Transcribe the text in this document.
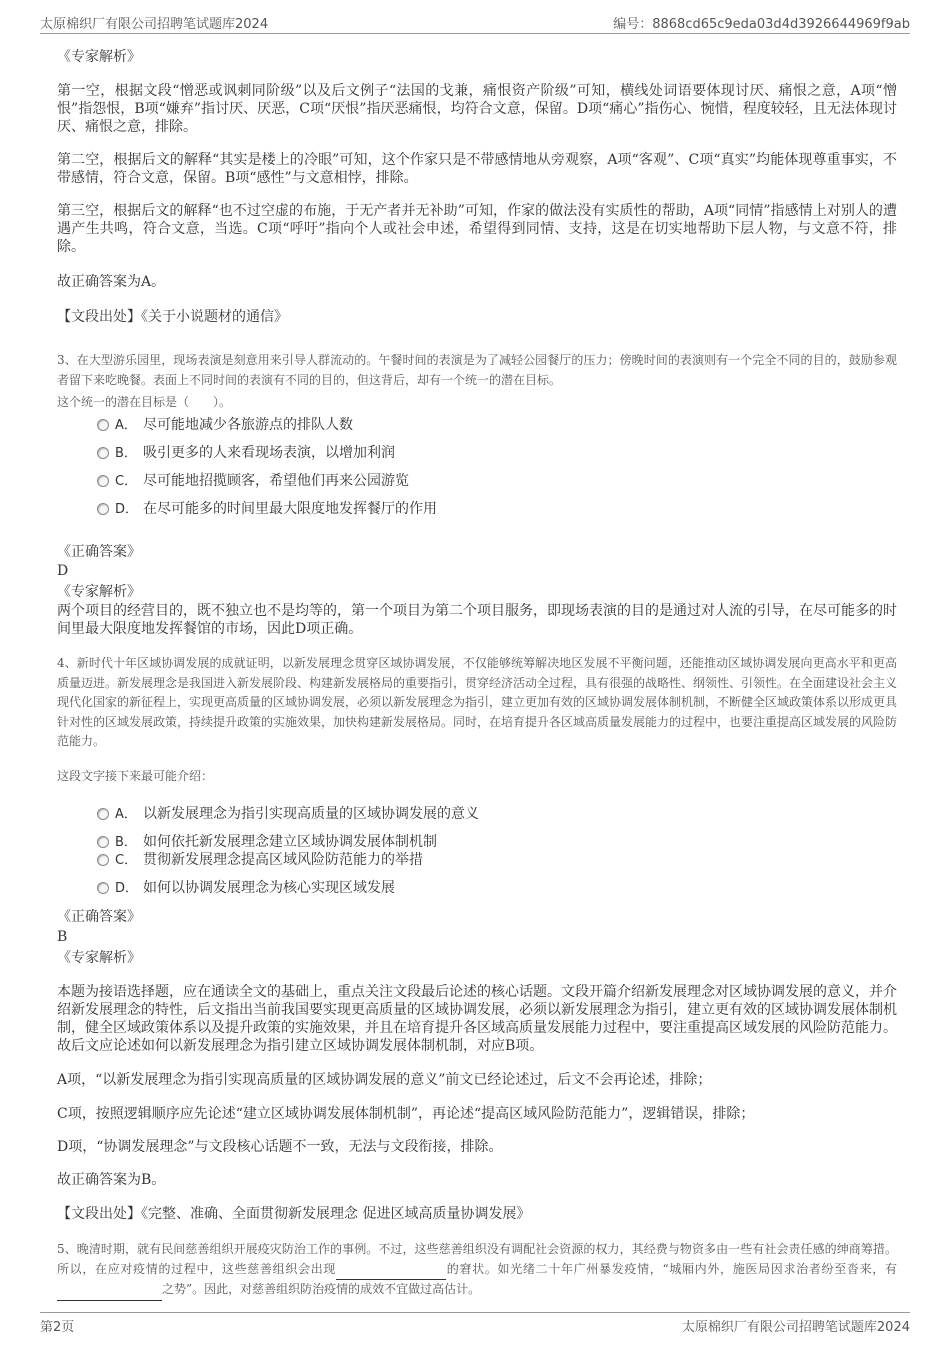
太原棉织厂有限公司招聘笔试题库2024	编号：8868cd65c9eda03d4d3926644969f9ab
《专家解析》
第一空，根据文段“憎恶或讽刺同阶级”以及后文例子“法国的戈兼，痛恨资产阶级”可知，横线处词语要体现讨厌、痛恨之意，A项“憎恨”指怨恨，B项“嫌弃”指讨厌、厌恶，C项“厌恨”指厌恶痛恨，均符合文意，保留。D项“痛心”指伤心、惋惜，程度较轻，且无法体现讨厌、痛恨之意，排除。
第二空，根据后文的解释“其实是楼上的冷眼”可知，这个作家只是不带感情地从旁观察，A项“客观”、C项“真实”均能体现尊重事实，不带感情，符合文意，保留。B项“感性”与文意相悖，排除。
第三空，根据后文的解释“也不过空虚的布施，于无产者并无补助”可知，作家的做法没有实质性的帮助，A项“同情”指感情上对别人的遭遇产生共鸣，符合文意，当选。C项“呼吁”指向个人或社会申述，希望得到同情、支持，这是在切实地帮助下层人物，与文意不符，排除。
故正确答案为A。
【文段出处】《关于小说题材的通信》
3、在大型游乐园里，现场表演是刻意用来引导人群流动的。午餐时间的表演是为了减轻公园餐厅的压力；傍晚时间的表演则有一个完全不同的目的，鼓励参观者留下来吃晚餐。表面上不同时间的表演有不同的目的，但这背后，却有一个统一的潜在目标。
这个统一的潜在目标是（　　）。
A． 尽可能地减少各旅游点的排队人数
B． 吸引更多的人来看现场表演，以增加利润
C． 尽可能地招揽顾客，希望他们再来公园游览
D． 在尽可能多的时间里最大限度地发挥餐厅的作用
《正确答案》
D
《专家解析》
两个项目的经营目的，既不独立也不是均等的，第一个项目为第二个项目服务，即现场表演的目的是通过对人流的引导，在尽可能多的时间里最大限度地发挥餐馆的市场，因此D项正确。
4、新时代十年区域协调发展的成就证明，以新发展理念贯穿区域协调发展，不仅能够统筹解决地区发展不平衡问题，还能推动区域协调发展向更高水平和更高质量迈进。新发展理念是我国进入新发展阶段、构建新发展格局的重要指引，贯穿经济活动全过程，具有很强的战略性、纲领性、引领性。在全面建设社会主义现代化国家的新征程上，实现更高质量的区域协调发展，必须以新发展理念为指引，建立更加有效的区域协调发展体制机制，不断健全区域政策体系以形成更具针对性的区域发展政策，持续提升政策的实施效果，加快构建新发展格局。同时，在培育提升各区域高质量发展能力的过程中，也要注重提高区域发展的风险防范能力。
这段文字接下来最可能介绍：
A． 以新发展理念为指引实现高质量的区域协调发展的意义
B． 如何依托新发展理念建立区域协调发展体制机制
C． 贯彻新发展理念提高区域风险防范能力的举措
D． 如何以协调发展理念为核心实现区域发展
《正确答案》
B
《专家解析》
本题为接语选择题，应在通读全文的基础上，重点关注文段最后论述的核心话题。文段开篇介绍新发展理念对区域协调发展的意义，并介绍新发展理念的特性，后文指出当前我国要实现更高质量的区域协调发展，必须以新发展理念为指引，建立更有效的区域协调发展体制机制，健全区域政策体系以及提升政策的实施效果，并且在培育提升各区域高质量发展能力过程中，要注重提高区域发展的风险防范能力。故后文应论述如何以新发展理念为指引建立区域协调发展体制机制，对应B项。
A项，“以新发展理念为指引实现高质量的区域协调发展的意义”前文已经论述过，后文不会再论述，排除；
C项，按照逻辑顺序应先论述“建立区域协调发展体制机制”，再论述“提高区域风险防范能力”，逻辑错误，排除；
D项，“协调发展理念”与文段核心话题不一致，无法与文段衔接，排除。
故正确答案为B。
【文段出处】《完整、准确、全面贯彻新发展理念 促进区域高质量协调发展》
5、晚清时期，就有民间慈善组织开展疫灾防治工作的事例。不过，这些慈善组织没有调配社会资源的权力，其经费与物资多由一些有社会责任感的绅商筹措。所以，在应对疫情的过程中，这些慈善组织会出现	的窘状。如光绪二十年广州暴发疫情，“城厢内外，施医局因求治者纷至沓来，有之势”。因此，对慈善组织防治疫情的成效不宜做过高估计。
第2页	太原棉织厂有限公司招聘笔试题库2024
